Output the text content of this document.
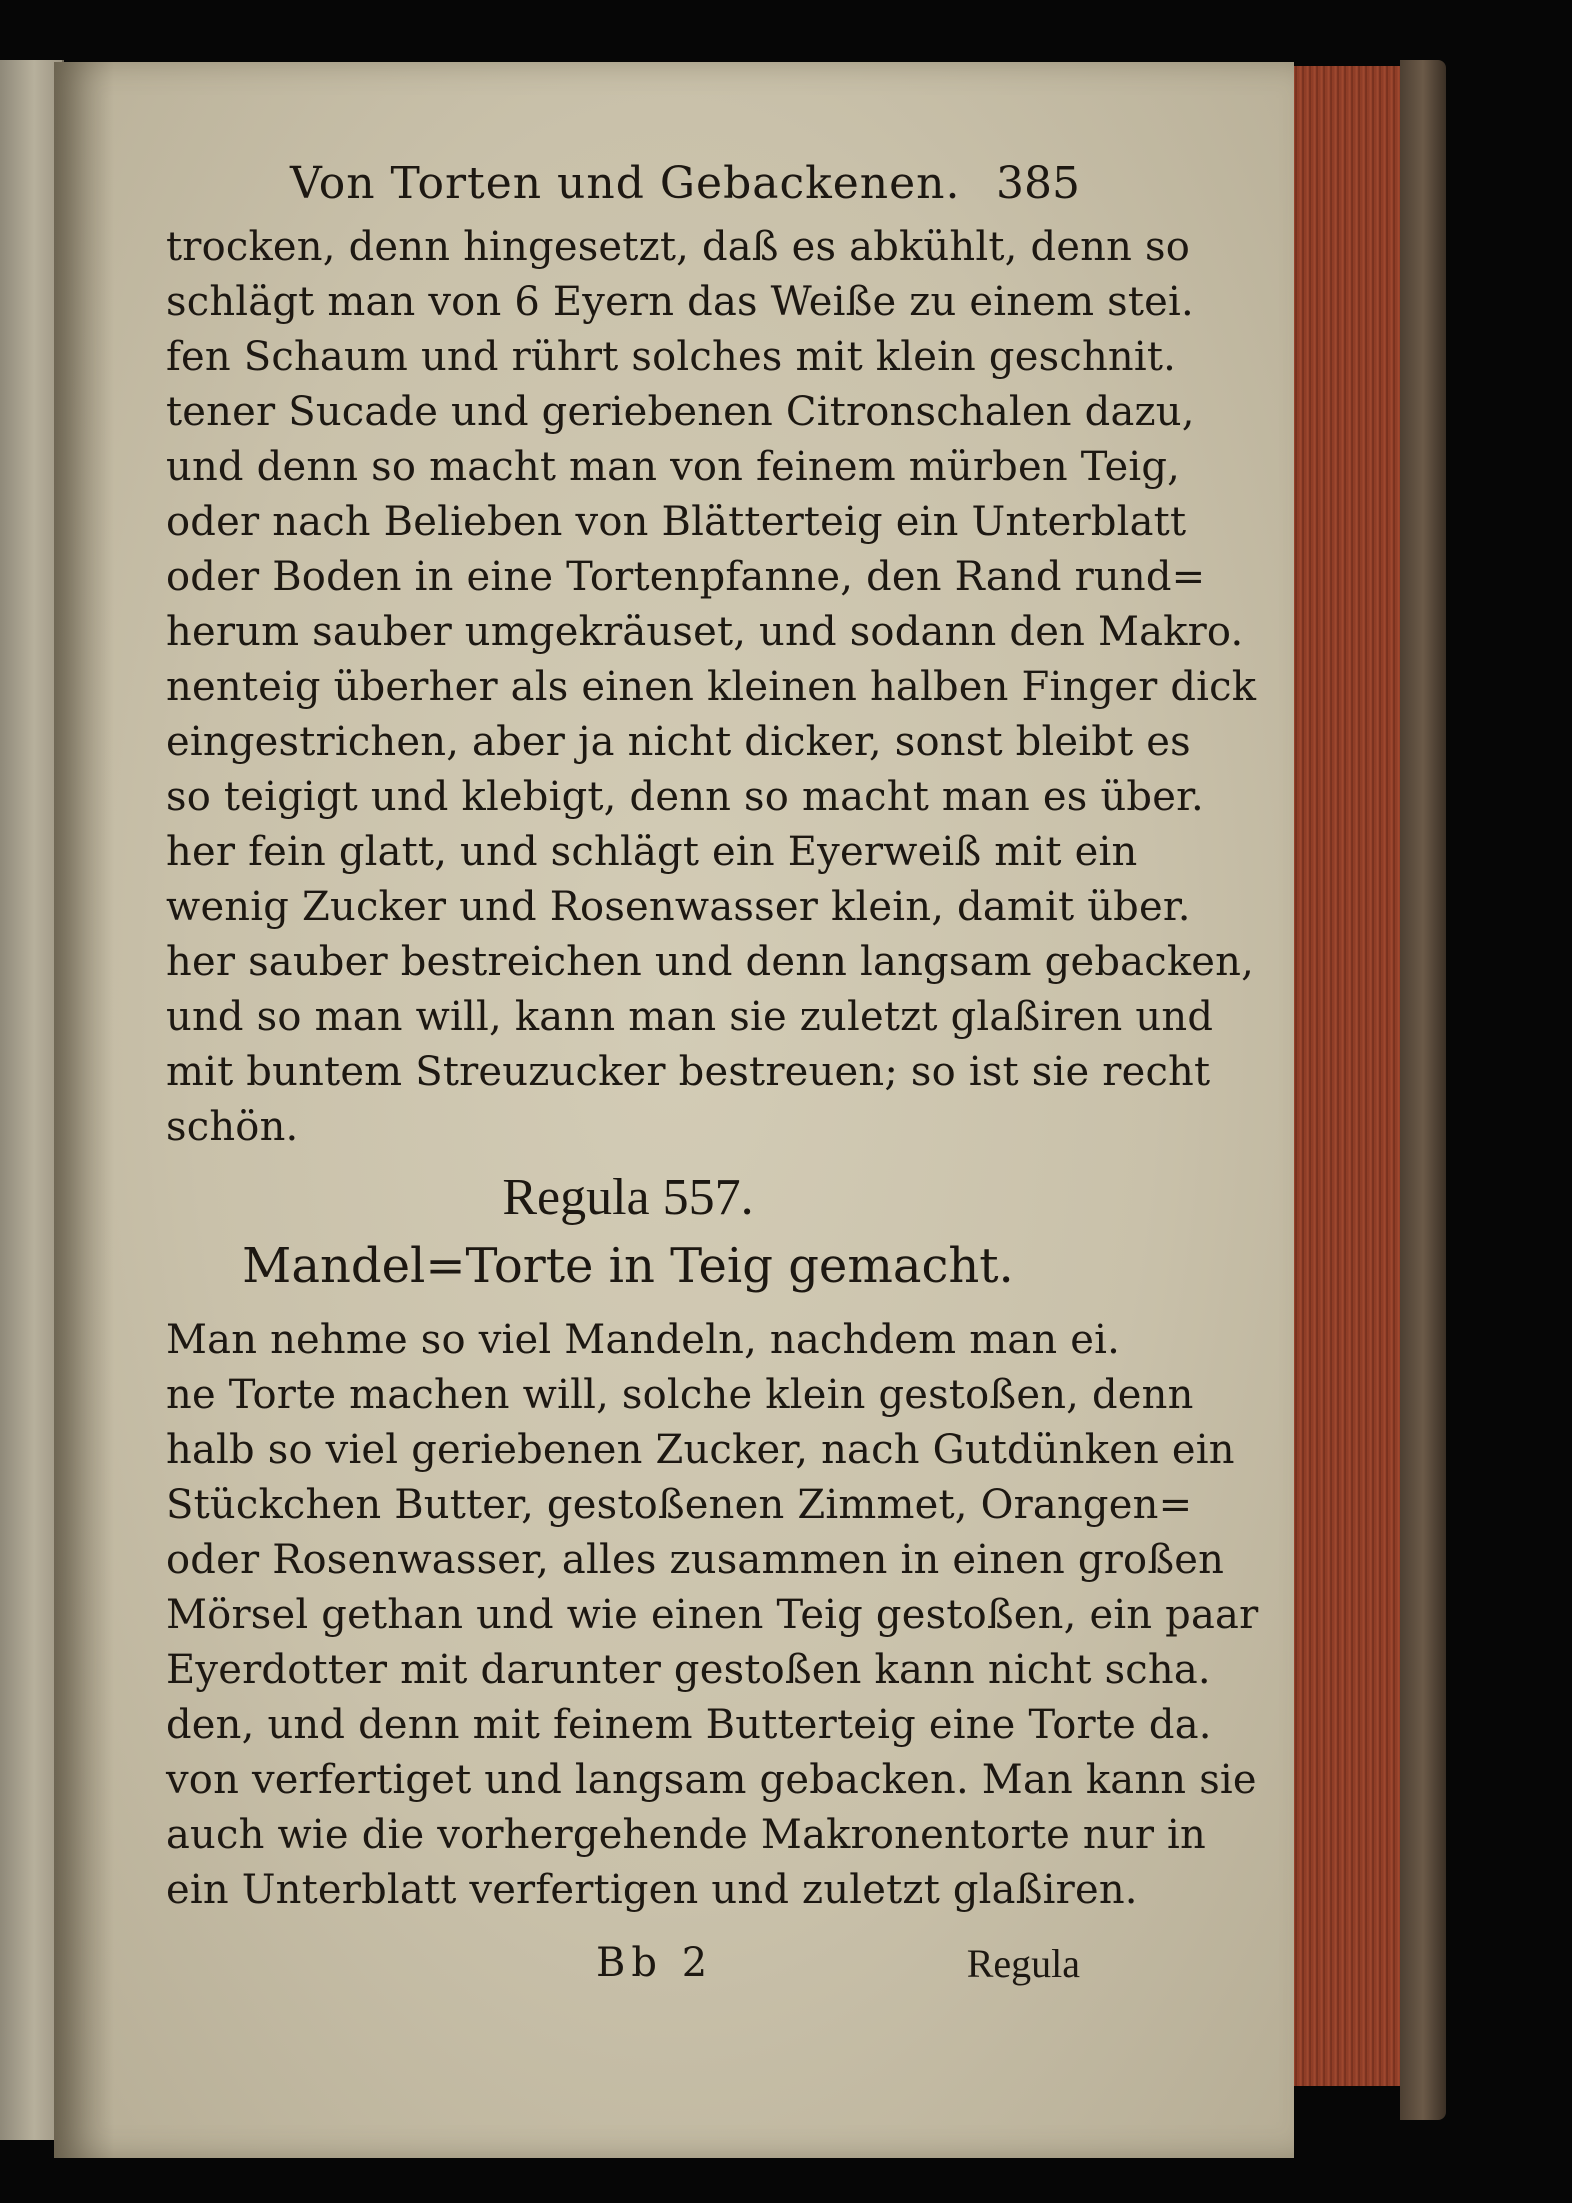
Von Torten und Gebackenen. 385
trocken, denn hingesetzt, daß es abkühlt, denn so
schlägt man von 6 Eyern das Weiße zu einem stei.
fen Schaum und rührt solches mit klein geschnit.
tener Sucade und geriebenen Citronschalen dazu,
und denn so macht man von feinem mürben Teig,
oder nach Belieben von Blätterteig ein Unterblatt
oder Boden in eine Tortenpfanne, den Rand rund=
herum sauber umgekräuset, und sodann den Makro.
nenteig überher als einen kleinen halben Finger dick
eingestrichen, aber ja nicht dicker, sonst bleibt es
so teigigt und klebigt, denn so macht man es über.
her fein glatt, und schlägt ein Eyerweiß mit ein
wenig Zucker und Rosenwasser klein, damit über.
her sauber bestreichen und denn langsam gebacken,
und so man will, kann man sie zuletzt glaßiren und
mit buntem Streuzucker bestreuen; so ist sie recht
schön.
Regula 557.
Mandel=Torte in Teig gemacht.
Man nehme so viel Mandeln, nachdem man ei.
ne Torte machen will, solche klein gestoßen, denn
halb so viel geriebenen Zucker, nach Gutdünken ein
Stückchen Butter, gestoßenen Zimmet, Orangen=
oder Rosenwasser, alles zusammen in einen großen
Mörsel gethan und wie einen Teig gestoßen, ein paar
Eyerdotter mit darunter gestoßen kann nicht scha.
den, und denn mit feinem Butterteig eine Torte da.
von verfertiget und langsam gebacken. Man kann sie
auch wie die vorhergehende Makronentorte nur in
ein Unterblatt verfertigen und zuletzt glaßiren.
Bb 2	Regula
